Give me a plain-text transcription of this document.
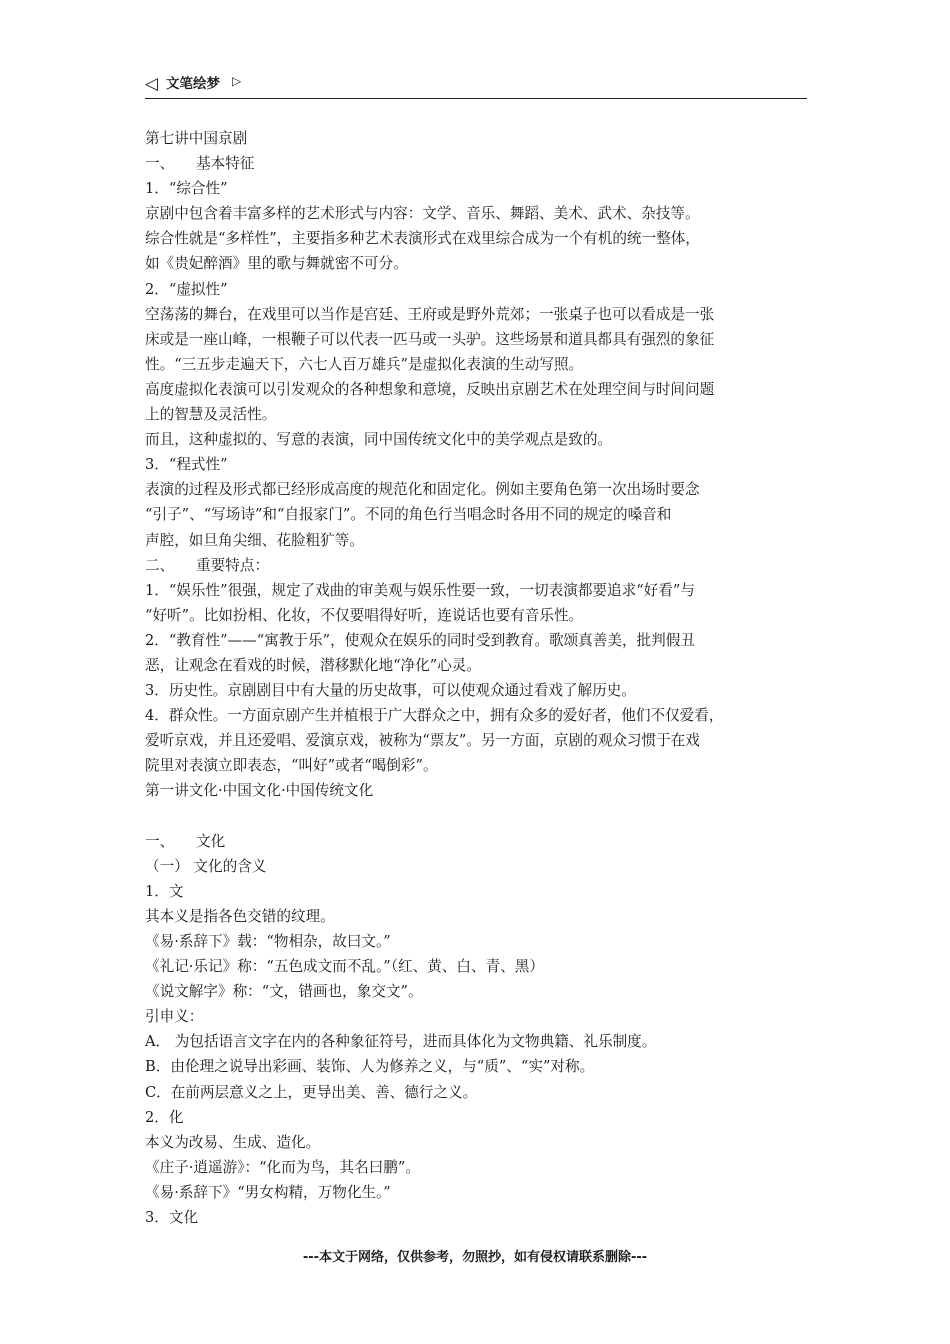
◁ 文笔绘梦 ▷
第七讲中国京剧
一、　　基本特征
1．“综合性”
京剧中包含着丰富多样的艺术形式与内容：文学、音乐、舞蹈、美术、武术、杂技等。
综合性就是“多样性”，主要指多种艺术表演形式在戏里综合成为一个有机的统一整体，
如《贵妃醉酒》里的歌与舞就密不可分。
2．“虚拟性”
空荡荡的舞台，在戏里可以当作是宫廷、王府或是野外荒郊；一张桌子也可以看成是一张
床或是一座山峰，一根鞭子可以代表一匹马或一头驴。这些场景和道具都具有强烈的象征
性。“三五步走遍天下，六七人百万雄兵”是虚拟化表演的生动写照。
高度虚拟化表演可以引发观众的各种想象和意境，反映出京剧艺术在处理空间与时间问题
上的智慧及灵活性。
而且，这种虚拟的、写意的表演，同中国传统文化中的美学观点是致的。
3．“程式性”
表演的过程及形式都已经形成高度的规范化和固定化。例如主要角色第一次出场时要念
“引子”、“写场诗”和“自报家门”。不同的角色行当唱念时各用不同的规定的嗓音和
声腔，如旦角尖细、花脸粗犷等。
二、　　重要特点：
1．“娱乐性”很强，规定了戏曲的审美观与娱乐性要一致，一切表演都要追求“好看”与
“好听”。比如扮相、化妆，不仅要唱得好听，连说话也要有音乐性。
2．“教育性”——“寓教于乐”，使观众在娱乐的同时受到教育。歌颂真善美，批判假丑
恶，让观念在看戏的时候，潜移默化地“净化”心灵。
3．历史性。京剧剧目中有大量的历史故事，可以使观众通过看戏了解历史。
4．群众性。一方面京剧产生并植根于广大群众之中，拥有众多的爱好者，他们不仅爱看，
爱听京戏，并且还爱唱、爱演京戏，被称为“票友”。另一方面，京剧的观众习惯于在戏
院里对表演立即表态，“叫好”或者“喝倒彩”。
第一讲文化·中国文化·中国传统文化
一、　　文化
（一） 文化的含义
1．文
其本义是指各色交错的纹理。
《易·系辞下》载：“物相杂，故曰文。”
《礼记·乐记》称：“五色成文而不乱。”（红、黄、白、青、黑）
《说文解字》称：“文，错画也，象交文”。
引申义：
A． 为包括语言文字在内的各种象征符号，进而具体化为文物典籍、礼乐制度。
B．由伦理之说导出彩画、装饰、人为修养之义，与“质”、“实”对称。
C．在前两层意义之上，更导出美、善、德行之义。
2．化
本义为改易、生成、造化。
《庄子·逍遥游》：“化而为鸟，其名曰鹏”。
《易·系辞下》“男女构精，万物化生。”
3．文化
---本文于网络，仅供参考，勿照抄，如有侵权请联系删除---
